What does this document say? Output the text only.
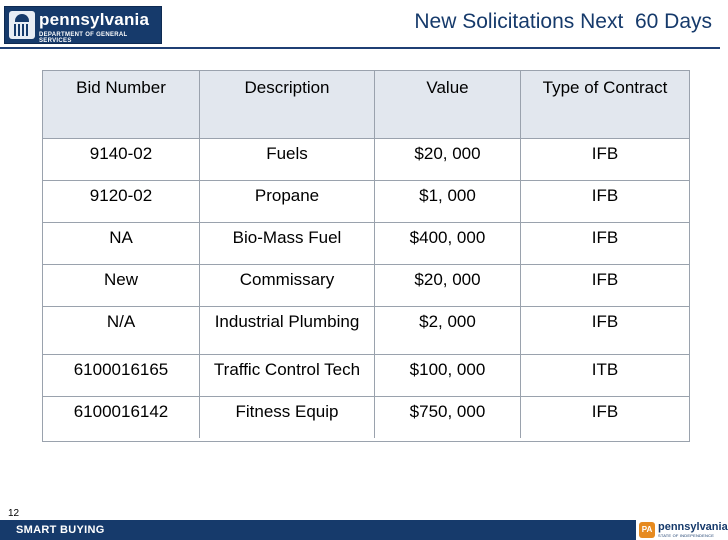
pennsylvania
DEPARTMENT OF GENERAL SERVICES
New Solicitations Next  60 Days
Bid Number	Description	Value	Type of Contract
9140-02	Fuels	$20, 000	IFB
9120-02	Propane	$1, 000	IFB
NA	Bio-Mass Fuel	$400, 000	IFB
New	Commissary	$20, 000	IFB
N/A	Industrial Plumbing	$2, 000	IFB
6100016165	Traffic Control Tech	$100, 000	ITB
6100016142	Fitness Equip	$750, 000	IFB
12
SMART BUYING	PA pennsylvania
STATE OF INDEPENDENCE
